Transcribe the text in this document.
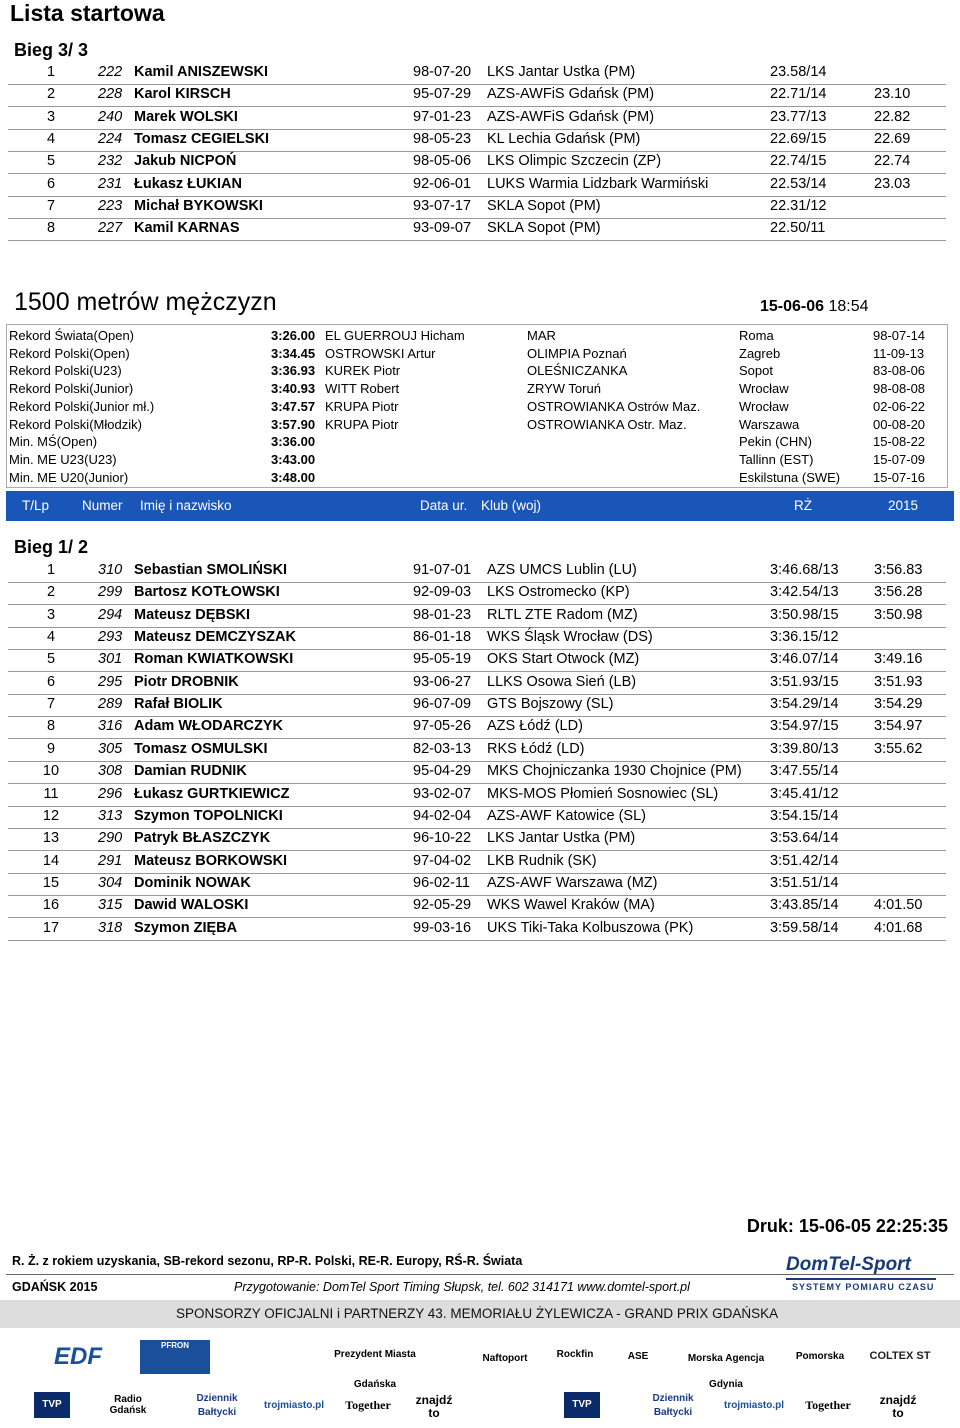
Lista startowa
Bieg 3/ 3
1	222 Kamil ANISZEWSKI	98-07-20 LKS Jantar Ustka (PM)	23.58/14
2	228 Karol KIRSCH	95-07-29 AZS-AWFiS Gdańsk (PM)	22.71/14	23.10
3	240 Marek WOLSKI	97-01-23 AZS-AWFiS Gdańsk (PM)	23.77/13	22.82
4	224 Tomasz CEGIELSKI	98-05-23 KL Lechia Gdańsk (PM)	22.69/15	22.69
5	232 Jakub NICPOŃ	98-05-06 LKS Olimpic Szczecin (ZP)	22.74/15	22.74
6	231 Łukasz ŁUKIAN	92-06-01 LUKS Warmia Lidzbark Warmiński	22.53/14	23.03
7	223 Michał BYKOWSKI	93-07-17 SKLA Sopot (PM)	22.31/12
8	227 Kamil KARNAS	93-09-07 SKLA Sopot (PM)	22.50/11
1500 metrów mężczyzn	15-06-06 18:54
Rekord Świata(Open)	3:26.00 EL GUERROUJ Hicham	MAR	Roma	98-07-14
Rekord Polski(Open)	3:34.45 OSTROWSKI Artur	OLIMPIA Poznań	Zagreb	11-09-13
Rekord Polski(U23)	3:36.93 KUREK Piotr	OLEŚNICZANKA	Sopot	83-08-06
Rekord Polski(Junior)	3:40.93 WITT Robert	ZRYW Toruń	Wrocław	98-08-08
Rekord Polski(Junior mł.)	3:47.57 KRUPA Piotr	OSTROWIANKA Ostrów Maz.	Wrocław	02-06-22
Rekord Polski(Młodzik)	3:57.90 KRUPA Piotr	OSTROWIANKA Ostr. Maz.	Warszawa	00-08-20
Min. MŚ(Open)	3:36.00	Pekin (CHN)	15-08-22
Min. ME U23(U23)	3:43.00	Tallinn (EST)	15-07-09
Min. ME U20(Junior)	3:48.00	Eskilstuna (SWE)	15-07-16
T/Lp Numer Imię i nazwisko	Data ur. Klub (woj)	RŻ	2015
Bieg 1/ 2
1	310 Sebastian SMOLIŃSKI	91-07-01 AZS UMCS Lublin (LU)	3:46.68/13 3:56.83
2	299 Bartosz KOTŁOWSKI	92-09-03 LKS Ostromecko (KP)	3:42.54/13 3:56.28
3	294 Mateusz DĘBSKI	98-01-23 RLTL ZTE Radom (MZ)	3:50.98/15 3:50.98
4	293 Mateusz DEMCZYSZAK	86-01-18 WKS Śląsk Wrocław (DS)	3:36.15/12
5	301 Roman KWIATKOWSKI	95-05-19 OKS Start Otwock (MZ)	3:46.07/14 3:49.16
6	295 Piotr DROBNIK	93-06-27 LLKS Osowa Sień (LB)	3:51.93/15 3:51.93
7	289 Rafał BIOLIK	96-07-09 GTS Bojszowy (SL)	3:54.29/14 3:54.29
8	316 Adam WŁODARCZYK	97-05-26 AZS Łódź (LD)	3:54.97/15 3:54.97
9	305 Tomasz OSMULSKI	82-03-13 RKS Łódź (LD)	3:39.80/13 3:55.62
10	308 Damian RUDNIK	95-04-29 MKS Chojniczanka 1930 Chojnice (PM) 3:47.55/14
11	296 Łukasz GURTKIEWICZ	93-02-07 MKS-MOS Płomień Sosnowiec (SL)	3:45.41/12
12	313 Szymon TOPOLNICKI	94-02-04 AZS-AWF Katowice (SL)	3:54.15/14
13	290 Patryk BŁASZCZYK	96-10-22 LKS Jantar Ustka (PM)	3:53.64/14
14	291 Mateusz BORKOWSKI	97-04-02 LKB Rudnik (SK)	3:51.42/14
15	304 Dominik NOWAK	96-02-11 AZS-AWF Warszawa (MZ)	3:51.51/14
16	315 Dawid WALOSKI	92-05-29 WKS Wawel Kraków (MA)	3:43.85/14 4:01.50
17	318 Szymon ZIĘBA	99-03-16 UKS Tiki-Taka Kolbuszowa (PK)	3:59.58/14 4:01.68
Druk: 15-06-05 22:25:35
R. Ż. z rokiem uzyskania, SB-rekord sezonu, RP-R. Polski, RE-R. Europy, RŚ-R. Świata
GDAŃSK 2015	Przygotowanie: DomTel Sport Timing Słupsk, tel. 602 314171 www.domtel-sport.pl
DomTel-Sport
SYSTEMY POMIARU CZASU
SPONSORZY OFICJALNI i PARTNERZY 43. MEMORIAŁU ŻYLEWICZA - GRAND PRIX GDAŃSKA
EDF	PFRON
Prezydent Miasta Gdańska
Naftoport	Rockfin	ASE	Morska Agencja Gdynia
Pomorska	COLTEX ST
TVP	Radio Gdańsk
Dziennik Bałtycki
trojmiasto.pl	Together	znajdź to
TVP
Dziennik Bałtycki
trojmiasto.pl	Together	znajdź to
